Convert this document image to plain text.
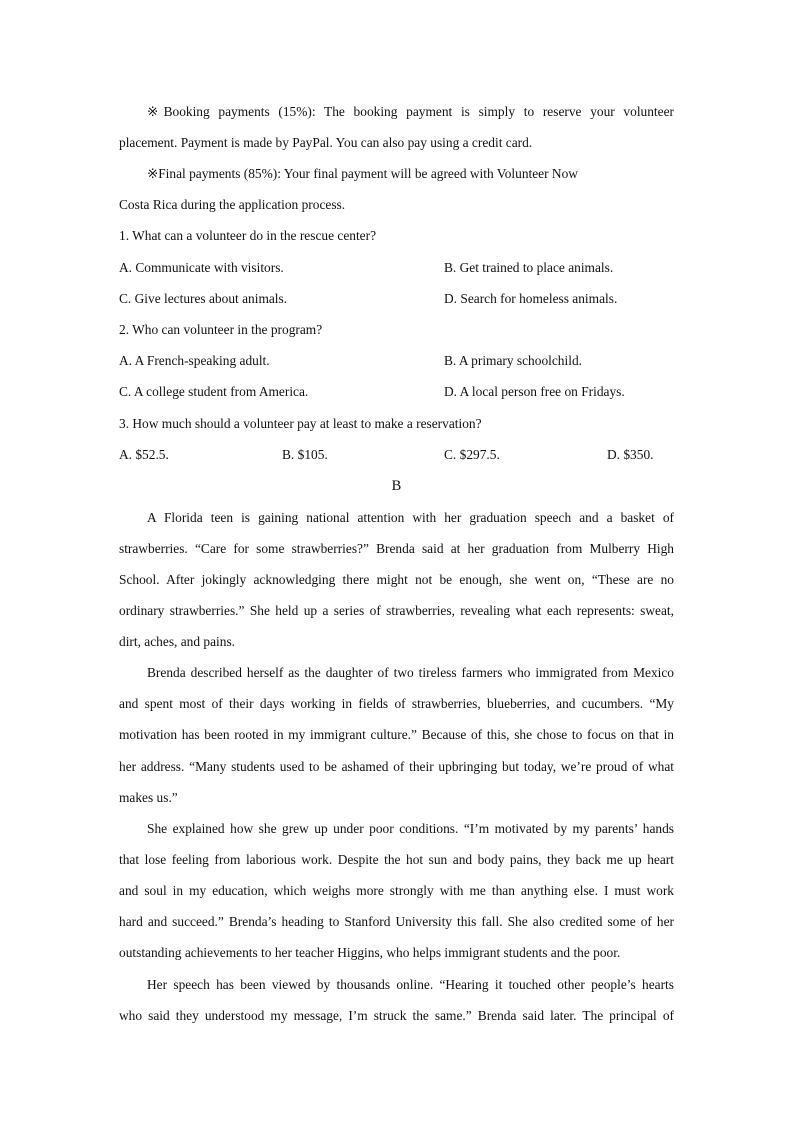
※Booking payments (15%): The booking payment is simply to reserve your volunteer
placement. Payment is made by PayPal. You can also pay using a credit card.
※Final payments (85%): Your final payment will be agreed with Volunteer Now
Costa Rica during the application process.
1. What can a volunteer do in the rescue center?
A. Communicate with visitors.	B. Get trained to place animals.
C. Give lectures about animals.	D. Search for homeless animals.
2. Who can volunteer in the program?
A. A French-speaking adult.	B. A primary schoolchild.
C. A college student from America.	D. A local person free on Fridays.
3. How much should a volunteer pay at least to make a reservation?
A. $52.5.	B. $105.	C. $297.5.	D. $350.
B
A Florida teen is gaining national attention with her graduation speech and a basket of
strawberries. “Care for some strawberries?” Brenda said at her graduation from Mulberry High
School. After jokingly acknowledging there might not be enough, she went on, “These are no
ordinary strawberries.” She held up a series of strawberries, revealing what each represents: sweat,
dirt, aches, and pains.
Brenda described herself as the daughter of two tireless farmers who immigrated from Mexico
and spent most of their days working in fields of strawberries, blueberries, and cucumbers. “My
motivation has been rooted in my immigrant culture.” Because of this, she chose to focus on that in
her address. “Many students used to be ashamed of their upbringing but today, we’re proud of what
makes us.”
She explained how she grew up under poor conditions. “I’m motivated by my parents’ hands
that lose feeling from laborious work. Despite the hot sun and body pains, they back me up heart
and soul in my education, which weighs more strongly with me than anything else. I must work
hard and succeed.” Brenda’s heading to Stanford University this fall. She also credited some of her
outstanding achievements to her teacher Higgins, who helps immigrant students and the poor.
Her speech has been viewed by thousands online. “Hearing it touched other people’s hearts
who said they understood my message, I’m struck the same.” Brenda said later. The principal of
